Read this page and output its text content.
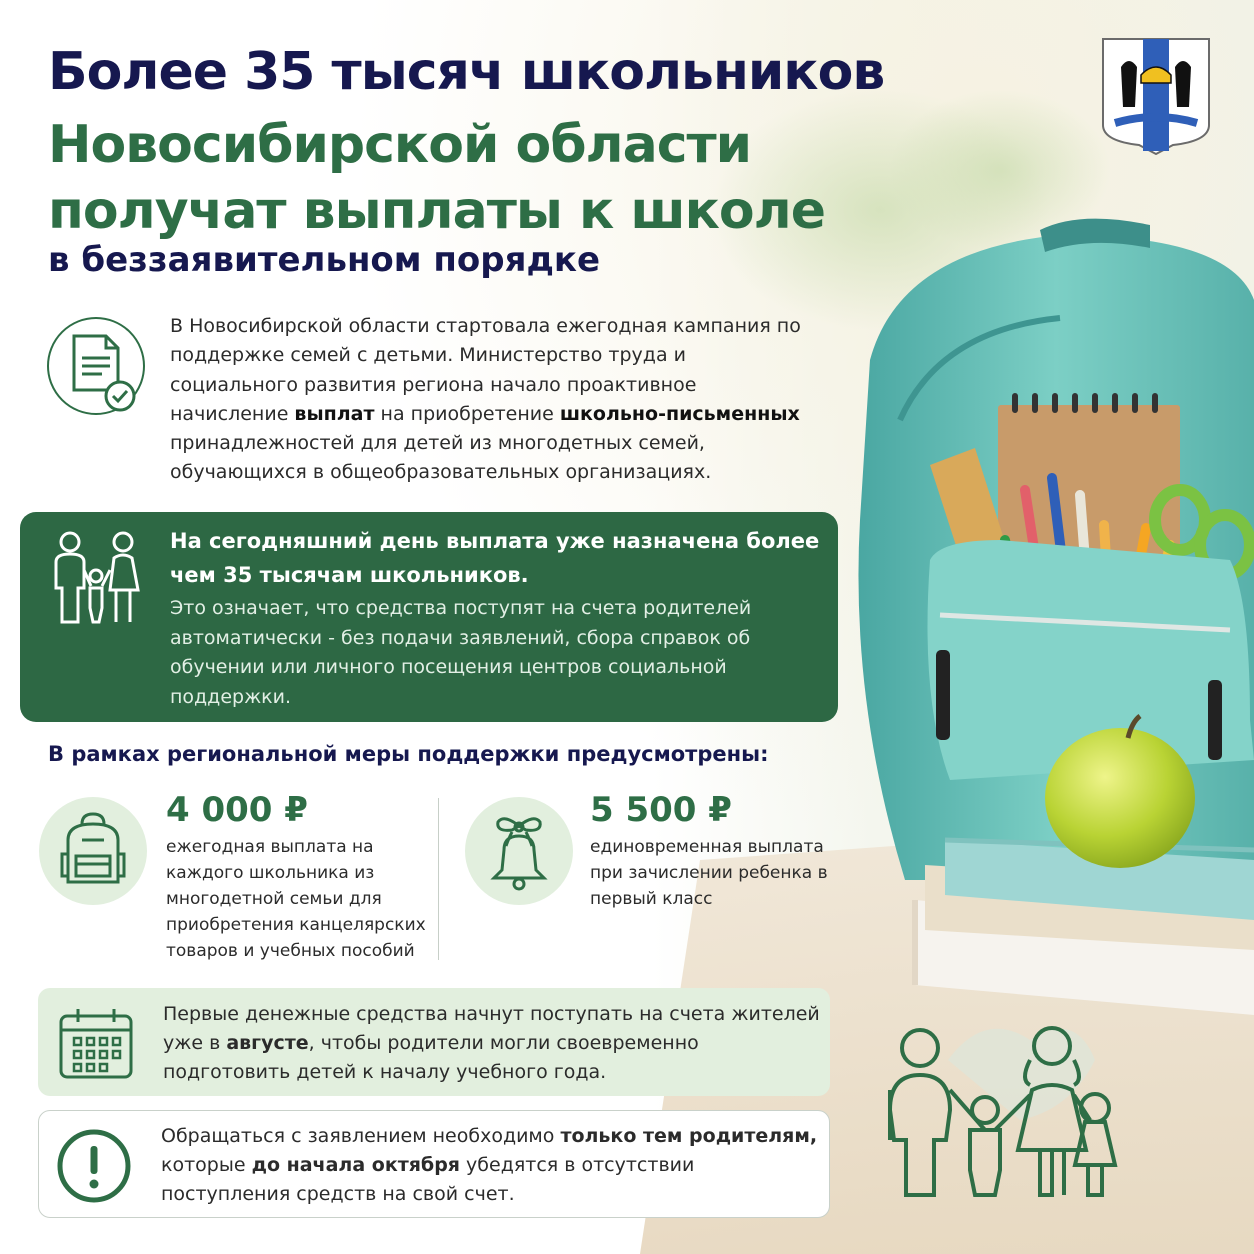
Более 35 тысяч школьников
Новосибирской области получат выплаты к школе
в беззаявительном порядке
В Новосибирской области стартовала ежегодная кампания по поддержке семей с детьми. Министерство труда и социального развития региона начало проактивное начисление выплат на приобретение школьно-письменных принадлежностей для детей из многодетных семей, обучающихся в общеобразовательных организациях.
На сегодняшний день выплата уже назначена более чем 35 тысячам школьников.
Это означает, что средства поступят на счета родителей автоматически - без подачи заявлений, сбора справок об обучении или личного посещения центров социальной поддержки.
В рамках региональной меры поддержки предусмотрены:
4 000 ₽
ежегодная выплата на каждого школьника из многодетной семьи для приобретения канцелярских товаров и учебных пособий
5 500 ₽
единовременная выплата при зачислении ребенка в первый класс
Первые денежные средства начнут поступать на счета жителей уже в августе, чтобы родители могли своевременно подготовить детей к началу учебного года.
Обращаться с заявлением необходимо только тем родителям, которые до начала октября убедятся в отсутствии поступления средств на свой счет.
